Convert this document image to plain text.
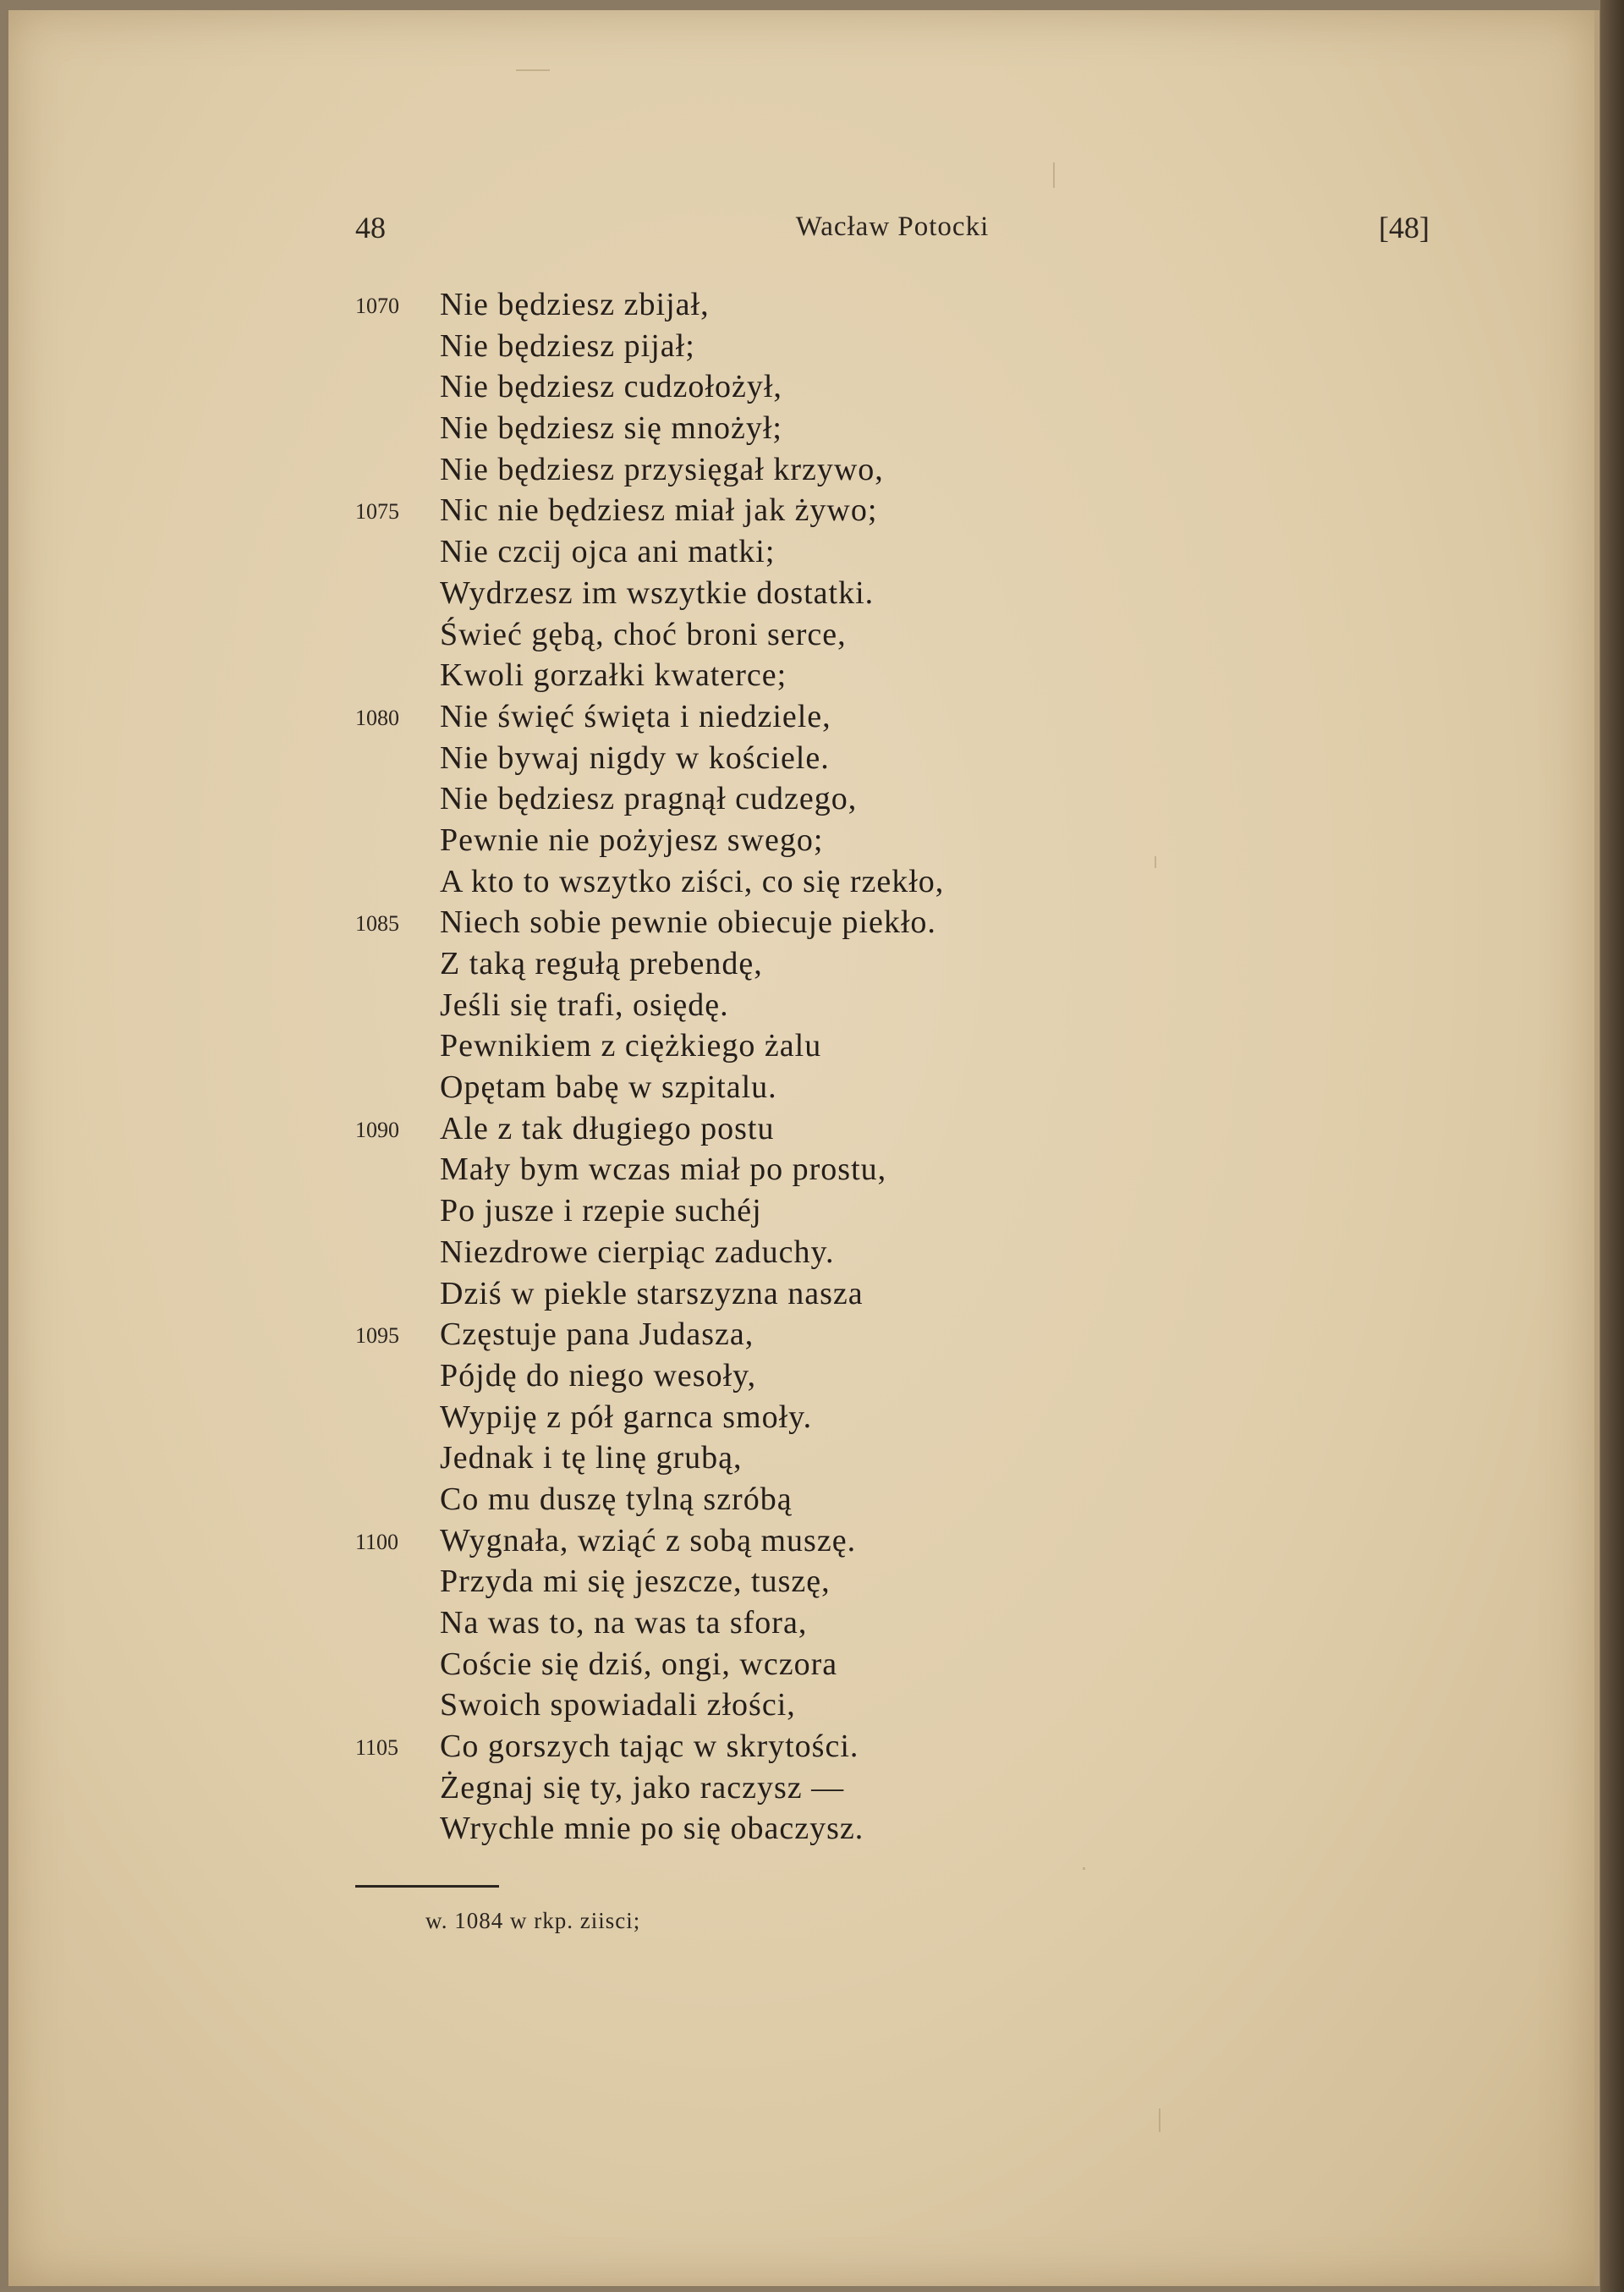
48	Wacław Potocki	[48]
1070 Nie będziesz zbijał,
Nie będziesz pijał;
Nie będziesz cudzołożył,
Nie będziesz się mnożył;
Nie będziesz przysięgał krzywo,
1075 Nic nie będziesz miał jak żywo;
Nie czcij ojca ani matki;
Wydrzesz im wszytkie dostatki.
Świeć gębą, choć broni serce,
Kwoli gorzałki kwaterce;
1080 Nie święć święta i niedziele,
Nie bywaj nigdy w kościele.
Nie będziesz pragnął cudzego,
Pewnie nie pożyjesz swego;
A kto to wszytko ziści, co się rzekło,
1085 Niech sobie pewnie obiecuje piekło.
Z taką regułą prebendę,
Jeśli się trafi, osiędę.
Pewnikiem z ciężkiego żalu
Opętam babę w szpitalu.
1090 Ale z tak długiego postu
Mały bym wczas miał po prostu,
Po jusze i rzepie suchéj
Niezdrowe cierpiąc zaduchy.
Dziś w piekle starszyzna nasza
1095 Częstuje pana Judasza,
Pójdę do niego wesoły,
Wypiję z pół garnca smoły.
Jednak i tę linę grubą,
Co mu duszę tylną szróbą
1100 Wygnała, wziąć z sobą muszę.
Przyda mi się jeszcze, tuszę,
Na was to, na was ta sfora,
Coście się dziś, ongi, wczora
Swoich spowiadali złości,
1105 Co gorszych tając w skrytości.
Żegnaj się ty, jako raczysz —
Wrychle mnie po się obaczysz.
w. 1084 w rkp. ziisci;
